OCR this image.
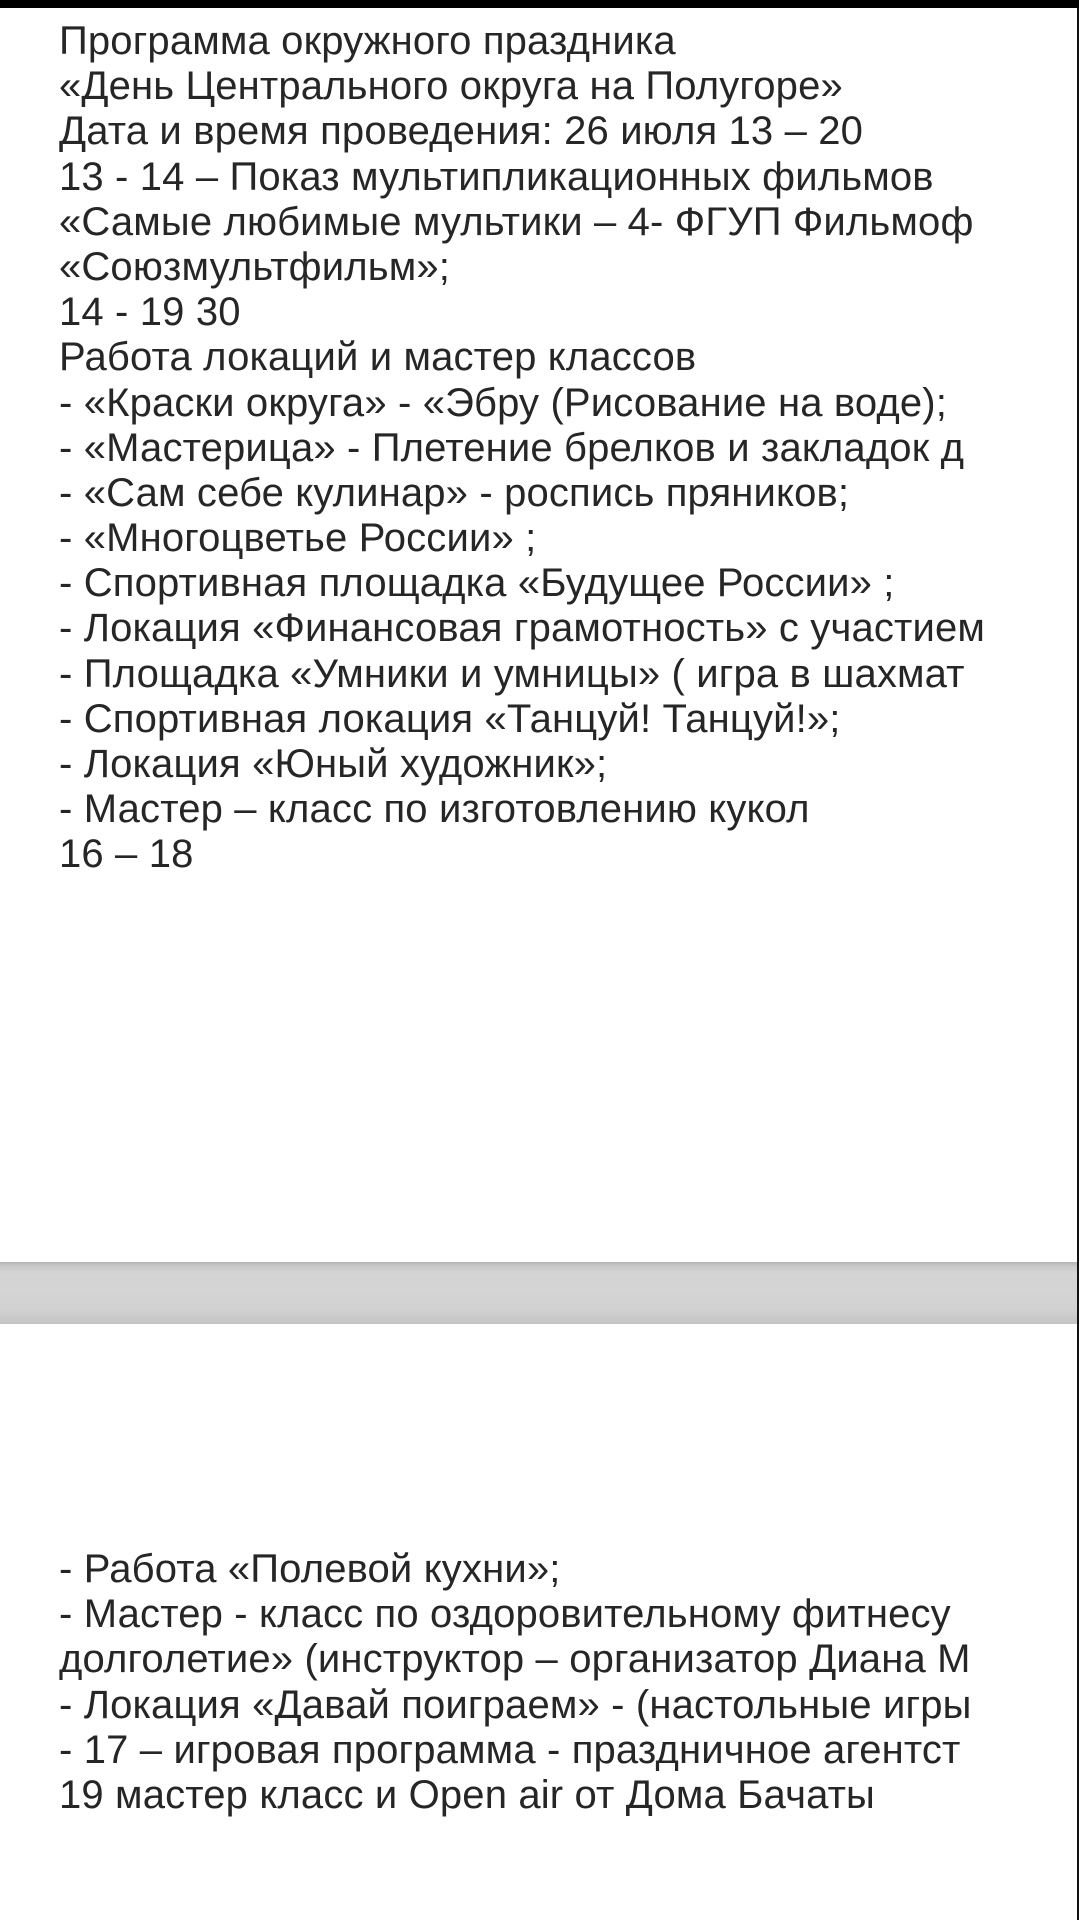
Программа окружного праздника
«День Центрального округа на Полугоре»
Дата и время проведения: 26 июля 13 – 20
13 - 14 – Показ мультипликационных фильмов
«Самые любимые мультики – 4- ФГУП Фильмоф
«Союзмультфильм»;
14 - 19 30
Работа локаций и мастер классов
- «Краски округа» - «Эбру (Рисование на воде);
- «Мастерица» - Плетение брелков и закладок д
- «Сам себе кулинар» - роспись пряников;
- «Многоцветье России» ;
- Спортивная площадка «Будущее России» ;
- Локация «Финансовая грамотность» с участием
- Площадка «Умники и умницы» ( игра в шахмат
- Спортивная локация «Танцуй! Танцуй!»;
- Локация «Юный художник»;
- Мастер – класс по изготовлению кукол
16 – 18
- Работа «Полевой кухни»;
- Мастер - класс по оздоровительному фитнесу
долголетие» (инструктор – организатор Диана М
- Локация «Давай поиграем» - (настольные игры
- 17 – игровая программа - праздничное агентст
19 мастер класс и Open air от Дома Бачаты
